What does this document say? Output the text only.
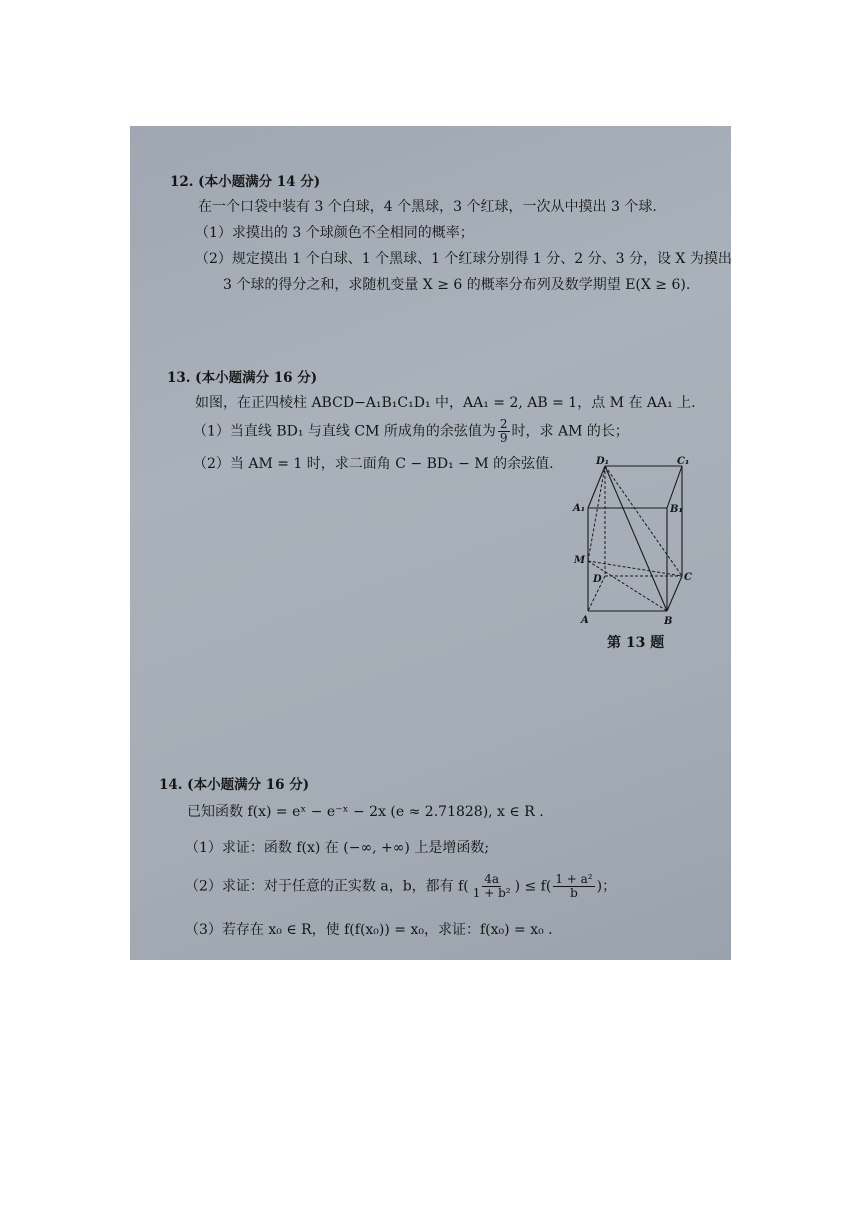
12. (本小题满分 14 分)
在一个口袋中装有 3 个白球，4 个黑球，3 个红球，一次从中摸出 3 个球.
（1）求摸出的 3 个球颜色不全相同的概率；
（2）规定摸出 1 个白球、1 个黑球、1 个红球分别得 1 分、2 分、3 分，设 X 为摸出
3 个球的得分之和，求随机变量 X ≥ 6 的概率分布列及数学期望 E(X ≥ 6).
13. (本小题满分 16 分)
如图，在正四棱柱 ABCD−A₁B₁C₁D₁ 中，AA₁ = 2, AB = 1，点 M 在 AA₁ 上.
（1）当直线 BD₁ 与直线 CM 所成角的余弦值为 $\frac{2}{9}$ 时，求 AM 的长；
（2）当 AM = 1 时，求二面角 C − BD₁ − M 的余弦值.	D₁	C₁
A₁	B₁
M
D	C
A	B
第 13 题
14. (本小题满分 16 分)
已知函数 f(x) = eˣ − e⁻ˣ − 2x (e ≈ 2.71828), x ∈ R .
（1）求证：函数 f(x) 在 (−∞, +∞) 上是增函数;
（2）求证：对于任意的正实数 a，b，都有 $f( \frac{4a}{\text{1 + b²}}$ ) ≤ $f( \frac{\text{1 + a²}}{b}$ )；
（3）若存在 x₀ ∈ R，使 f(f(x₀)) = x₀，求证：f(x₀) = x₀ .
